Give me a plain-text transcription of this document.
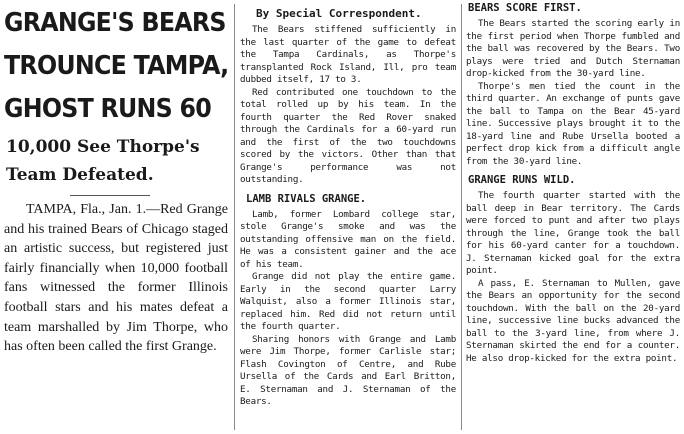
GRANGE'S BEARS
TROUNCE TAMPA,
GHOST RUNS 60
10,000 See Thorpe's
Team Defeated.

TAMPA, Fla., Jan. 1.—Red Grange and his trained Bears of Chicago staged an artistic success, but registered just fairly financially when 10,000 football fans witnessed the former Illinois football stars and his mates defeat a team marshalled by Jim Thorpe, who has often been called the first Grange.

By Special Correspondent.

The Bears stiffened sufficiently in the last quarter of the game to defeat the Tampa Cardinals, as Thorpe's transplanted Rock Island, Ill, pro team dubbed itself, 17 to 3.

Red contributed one touchdown to the total rolled up by his team. In the fourth quarter the Red Rover snaked through the Cardinals for a 60-yard run and the first of the two touchdowns scored by the victors. Other than that Grange's performance was not outstanding.

LAMB RIVALS GRANGE.

Lamb, former Lombard college star, stole Grange's smoke and was the outstanding offensive man on the field. He was a consistent gainer and the ace of his team.

Grange did not play the entire game. Early in the second quarter Larry Walquist, also a former Illinois star, replaced him. Red did not return until the fourth quarter.

Sharing honors with Grange and Lamb were Jim Thorpe, former Carlisle star; Flash Covington of Centre, and Rube Ursella of the Cards and Earl Britton, E. Sternaman and J. Sternaman of the Bears.

BEARS SCORE FIRST.

The Bears started the scoring early in the first period when Thorpe fumbled and the ball was recovered by the Bears. Two plays were tried and Dutch Sternaman drop-kicked from the 30-yard line.

Thorpe's men tied the count in the third quarter. An exchange of punts gave the ball to Tampa on the Bear 45-yard line. Successive plays brought it to the 18-yard line and Rube Ursella booted a perfect drop kick from a difficult angle from the 30-yard line.

GRANGE RUNS WILD.

The fourth quarter started with the ball deep in Bear territory. The Cards were forced to punt and after two plays through the line, Grange took the ball for his 60-yard canter for a touchdown. J. Sternaman kicked goal for the extra point.

A pass, E. Sternaman to Mullen, gave the Bears an opportunity for the second touchdown. With the ball on the 20-yard line, successive line bucks advanced the ball to the 3-yard line, from where J. Sternaman skirted the end for a counter. He also drop-kicked for the extra point.
